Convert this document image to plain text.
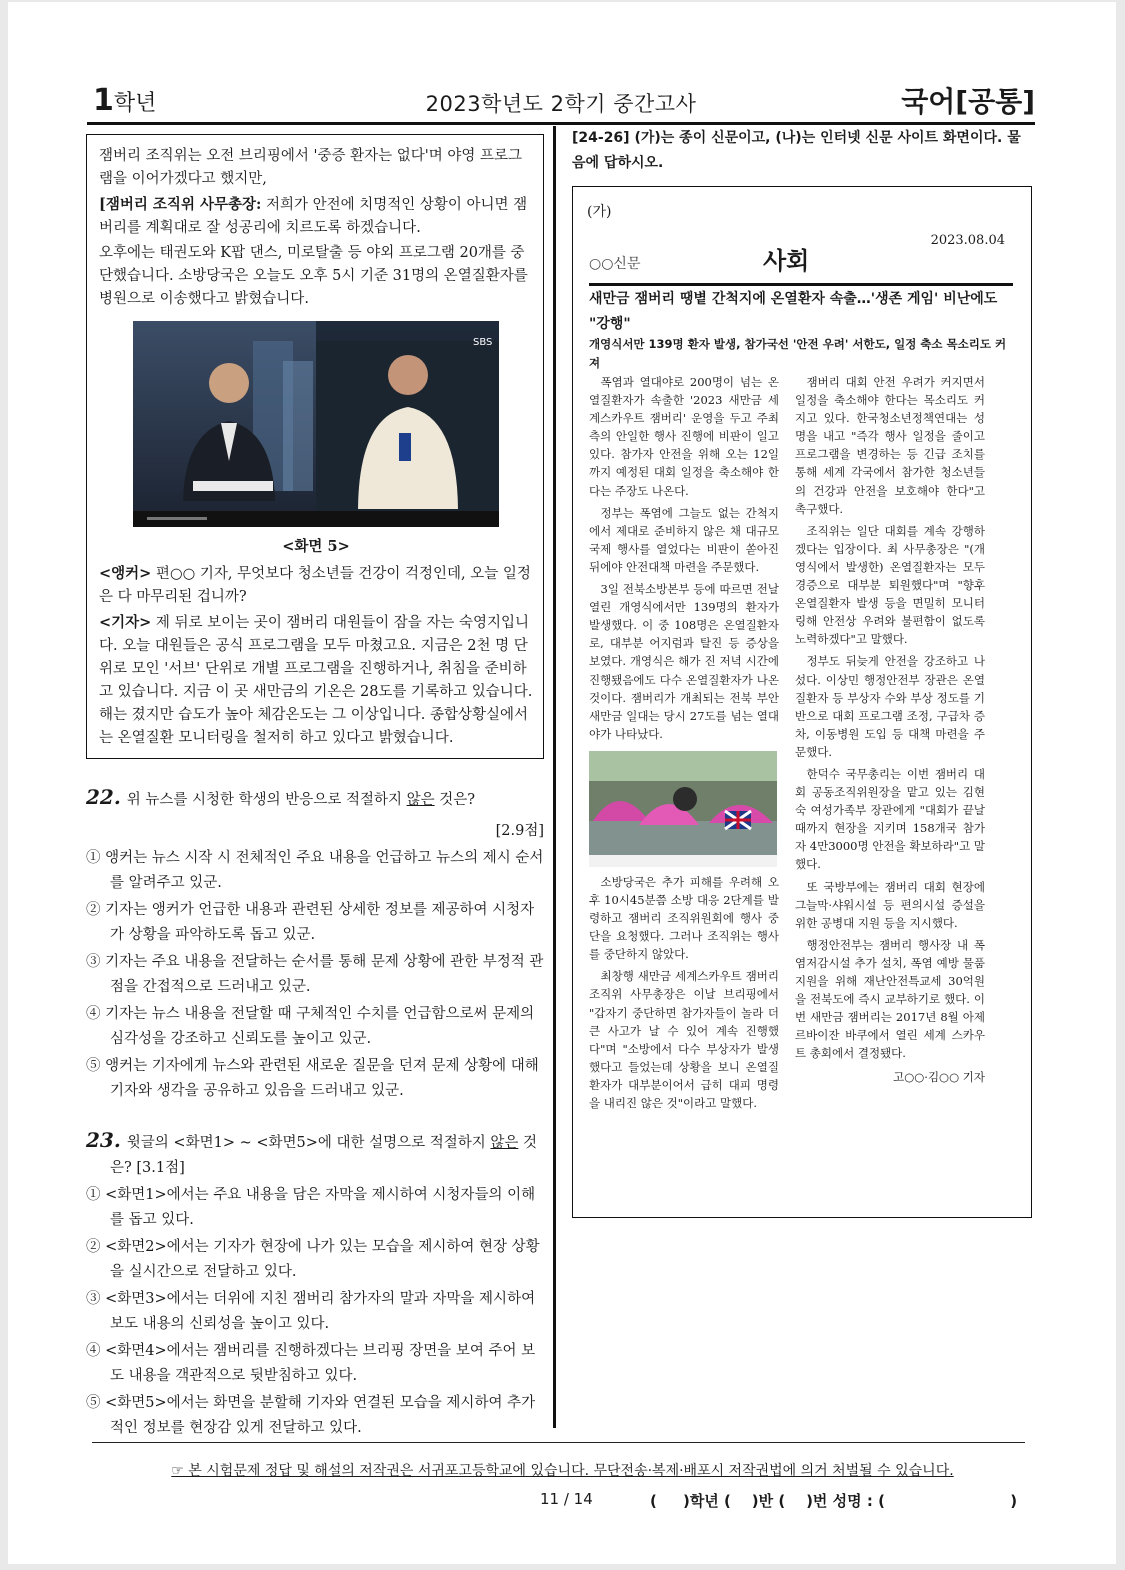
1학년	2023학년도 2학기 중간고사	국어[공통]

잼버리 조직위는 오전 브리핑에서 '중증 환자는 없다'며 야영 프로그램을 이어가겠다고 했지만,

[잼버리 조직위 사무총장: 저희가 안전에 치명적인 상황이 아니면 잼버리를 계획대로 잘 성공리에 치르도록 하겠습니다.

오후에는 태권도와 K팝 댄스, 미로탈출 등 야외 프로그램 20개를 중단했습니다. 소방당국은 오늘도 오후 5시 기준 31명의 온열질환자를 병원으로 이송했다고 밝혔습니다.

SBS
<화면 5>

<앵커> 편○○ 기자, 무엇보다 청소년들 건강이 걱정인데, 오늘 일정은 다 마무리된 겁니까?

<기자> 제 뒤로 보이는 곳이 잼버리 대원들이 잠을 자는 숙영지입니다. 오늘 대원들은 공식 프로그램을 모두 마쳤고요. 지금은 2천 명 단위로 모인 '서브' 단위로 개별 프로그램을 진행하거나, 취침을 준비하고 있습니다. 지금 이 곳 새만금의 기온은 28도를 기록하고 있습니다. 해는 졌지만 습도가 높아 체감온도는 그 이상입니다. 종합상황실에서는 온열질환 모니터링을 철저히 하고 있다고 밝혔습니다.

22. 위 뉴스를 시청한 학생의 반응으로 적절하지 않은 것은?
[2.9점]
① 앵커는 뉴스 시작 시 전체적인 주요 내용을 언급하고 뉴스의 제시 순서를 알려주고 있군.
② 기자는 앵커가 언급한 내용과 관련된 상세한 정보를 제공하여 시청자가 상황을 파악하도록 돕고 있군.
③ 기자는 주요 내용을 전달하는 순서를 통해 문제 상황에 관한 부정적 관점을 간접적으로 드러내고 있군.
④ 기자는 뉴스 내용을 전달할 때 구체적인 수치를 언급함으로써 문제의 심각성을 강조하고 신뢰도를 높이고 있군.
⑤ 앵커는 기자에게 뉴스와 관련된 새로운 질문을 던져 문제 상황에 대해 기자와 생각을 공유하고 있음을 드러내고 있군.
23. 윗글의 <화면1> ~ <화면5>에 대한 설명으로 적절하지 않은 것은? [3.1점]
① <화면1>에서는 주요 내용을 담은 자막을 제시하여 시청자들의 이해를 돕고 있다.
② <화면2>에서는 기자가 현장에 나가 있는 모습을 제시하여 현장 상황을 실시간으로 전달하고 있다.
③ <화면3>에서는 더위에 지친 잼버리 참가자의 말과 자막을 제시하여 보도 내용의 신뢰성을 높이고 있다.
④ <화면4>에서는 잼버리를 진행하겠다는 브리핑 장면을 보여 주어 보도 내용을 객관적으로 뒷받침하고 있다.
⑤ <화면5>에서는 화면을 분할해 기자와 연결된 모습을 제시하여 추가적인 정보를 현장감 있게 전달하고 있다.
[24-26] (가)는 종이 신문이고, (나)는 인터넷 신문 사이트 화면이다. 물음에 답하시오.
(가)
2023.08.04
○○신문	사회
새만금 잼버리 땡볕 간척지에 온열환자 속출…'생존 게임' 비난에도 "강행"
개영식서만 139명 환자 발생, 참가국선 '안전 우려' 서한도, 일정 축소 목소리도 커져

폭염과 열대야로 200명이 넘는 온열질환자가 속출한 '2023 새만금 세계스카우트 잼버리' 운영을 두고 주최 측의 안일한 행사 진행에 비판이 일고 있다. 참가자 안전을 위해 오는 12일까지 예정된 대회 일정을 축소해야 한다는 주장도 나온다.

정부는 폭염에 그늘도 없는 간척지에서 제대로 준비하지 않은 채 대규모 국제 행사를 열었다는 비판이 쏟아진 뒤에야 안전대책 마련을 주문했다.

3일 전북소방본부 등에 따르면 전날 열린 개영식에서만 139명의 환자가 발생했다. 이 중 108명은 온열질환자로, 대부분 어지럼과 탈진 등 증상을 보였다. 개영식은 해가 진 저녁 시간에 진행됐음에도 다수 온열질환자가 나온 것이다. 잼버리가 개최되는 전북 부안 새만금 일대는 당시 27도를 넘는 열대야가 나타났다.

소방당국은 추가 피해를 우려해 오후 10시45분쯤 소방 대응 2단계를 발령하고 잼버리 조직위원회에 행사 중단을 요청했다. 그러나 조직위는 행사를 중단하지 않았다.

최창행 새만금 세계스카우트 잼버리 조직위 사무총장은 이날 브리핑에서 "갑자기 중단하면 참가자들이 놀라 더 큰 사고가 날 수 있어 계속 진행했다"며 "소방에서 다수 부상자가 발생했다고 들었는데 상황을 보니 온열질환자가 대부분이어서 급히 대피 명령을 내리진 않은 것"이라고 말했다.

잼버리 대회 안전 우려가 커지면서 일정을 축소해야 한다는 목소리도 커지고 있다. 한국청소년정책연대는 성명을 내고 "즉각 행사 일정을 줄이고 프로그램을 변경하는 등 긴급 조치를 통해 세계 각국에서 참가한 청소년들의 건강과 안전을 보호해야 한다"고 촉구했다.

조직위는 일단 대회를 계속 강행하겠다는 입장이다. 최 사무총장은 "(개영식에서 발생한) 온열질환자는 모두 경증으로 대부분 퇴원했다"며 "향후 온열질환자 발생 등을 면밀히 모니터링해 안전상 우려와 불편함이 없도록 노력하겠다"고 말했다.

정부도 뒤늦게 안전을 강조하고 나섰다. 이상민 행정안전부 장관은 온열질환자 등 부상자 수와 부상 정도를 기반으로 대회 프로그램 조정, 구급차 증차, 이동병원 도입 등 대책 마련을 주문했다.

한덕수 국무총리는 이번 잼버리 대회 공동조직위원장을 맡고 있는 김현숙 여성가족부 장관에게 "대회가 끝날 때까지 현장을 지키며 158개국 참가자 4만3000명 안전을 확보하라"고 말했다.

또 국방부에는 잼버리 대회 현장에 그늘막·샤워시설 등 편의시설 증설을 위한 공병대 지원 등을 지시했다.

행정안전부는 잼버리 행사장 내 폭염저감시설 추가 설치, 폭염 예방 물품 지원을 위해 재난안전특교세 30억원을 전북도에 즉시 교부하기로 했다. 이번 새만금 잼버리는 2017년 8월 아제르바이잔 바쿠에서 열린 세계 스카우트 총회에서 결정됐다.

고○○·김○○ 기자
☞ 본 시험문제 정답 및 해설의 저작권은 서귀포고등학교에 있습니다. 무단전송·복제·배포시 저작권법에 의거 처벌될 수 있습니다.
11 / 14	(     )학년 (    )반 (    )번 성명 : (                        )
